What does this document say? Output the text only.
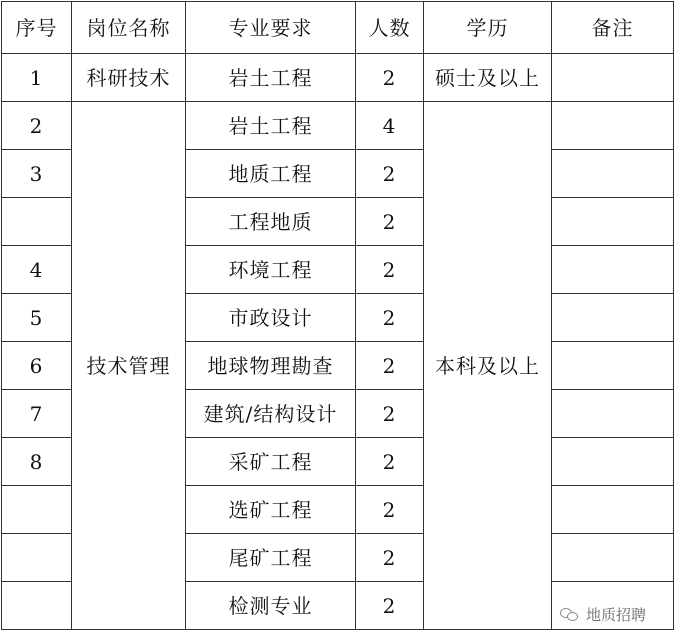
序号	岗位名称	专业要求	人数	学历	备注
1	科研技术	岩土工程	2	硕士及以上	
2	技术管理	岩土工程	4	本科及以上	
3		地质工程	2		
		工程地质	2		
4		环境工程	2		
5		市政设计	2		
6		地球物理勘查	2		
7		建筑/结构设计	2		
8		采矿工程	2		
		选矿工程	2		
		尾矿工程	2		
		检测专业	2			地质招聘
